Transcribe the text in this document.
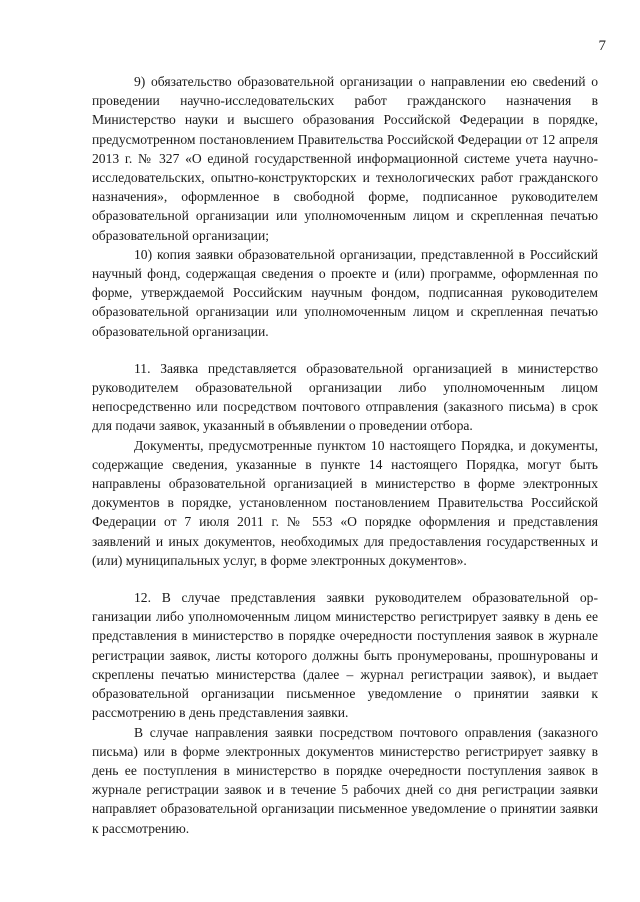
7

9) обязательство образовательной организации о направлении ею свеdений о проведении научно-исследовательских работ гражданского назначения в Министерство науки и высшего образования Российской Федерации в порядке, предусмотренном постановлением Правительства Российской Федерации от 12 апреля 2013 г. № 327 «О единой государственной информационной системе учета научно-исследовательских, опытно-конструкторских и технологических работ гражданского назначения», оформленное в свободной форме, подписанное руководителем образовательной организации или уполномоченным лицом и скрепленная печатью образовательной организации;

10) копия заявки образовательной организации, представленной в Российский научный фонд, содержащая сведения о проекте и (или) программе, оформленная по форме, утверждаемой Российским научным фондом, подписанная руководителем образовательной организации или уполномоченным лицом и скрепленная печатью образовательной организации.

11. Заявка представляется образовательной организацией в министерство руководителем образовательной организации либо уполномоченным лицом непосредственно или посредством почтового отправления (заказного письма) в срок для подачи заявок, указанный в объявлении о проведении отбора.

Документы, предусмотренные пунктом 10 настоящего Порядка, и документы, содержащие сведения, указанные в пункте 14 настоящего Порядка, могут быть направлены образовательной организацией в министерство в форме электронных документов в порядке, установленном постановлением Правительства Российской Федерации от 7 июля 2011 г. № 553 «О порядке оформления и представления заявлений и иных документов, необходимых для предоставления государственных и (или) муниципальных услуг, в форме электронных документов».

12. В случае представления заявки руководителем образовательной организации либо уполномоченным лицом министерство регистрирует заявку в день ее представления в министерство в порядке очередности поступления заявок в журнале регистрации заявок, листы которого должны быть пронумерованы, прошнурованы и скреплены печатью министерства (далее – журнал регистрации заявок), и выдает образовательной организации письменное уведомление о принятии заявки к рассмотрению в день представления заявки.

В случае направления заявки посредством почтового оправления (заказного письма) или в форме электронных документов министерство регистрирует заявку в день ее поступления в министерство в порядке очередности поступления заявок в журнале регистрации заявок и в течение 5 рабочих дней со дня регистрации заявки направляет образовательной организации письменное уведомление о принятии заявки к рассмотрению.
